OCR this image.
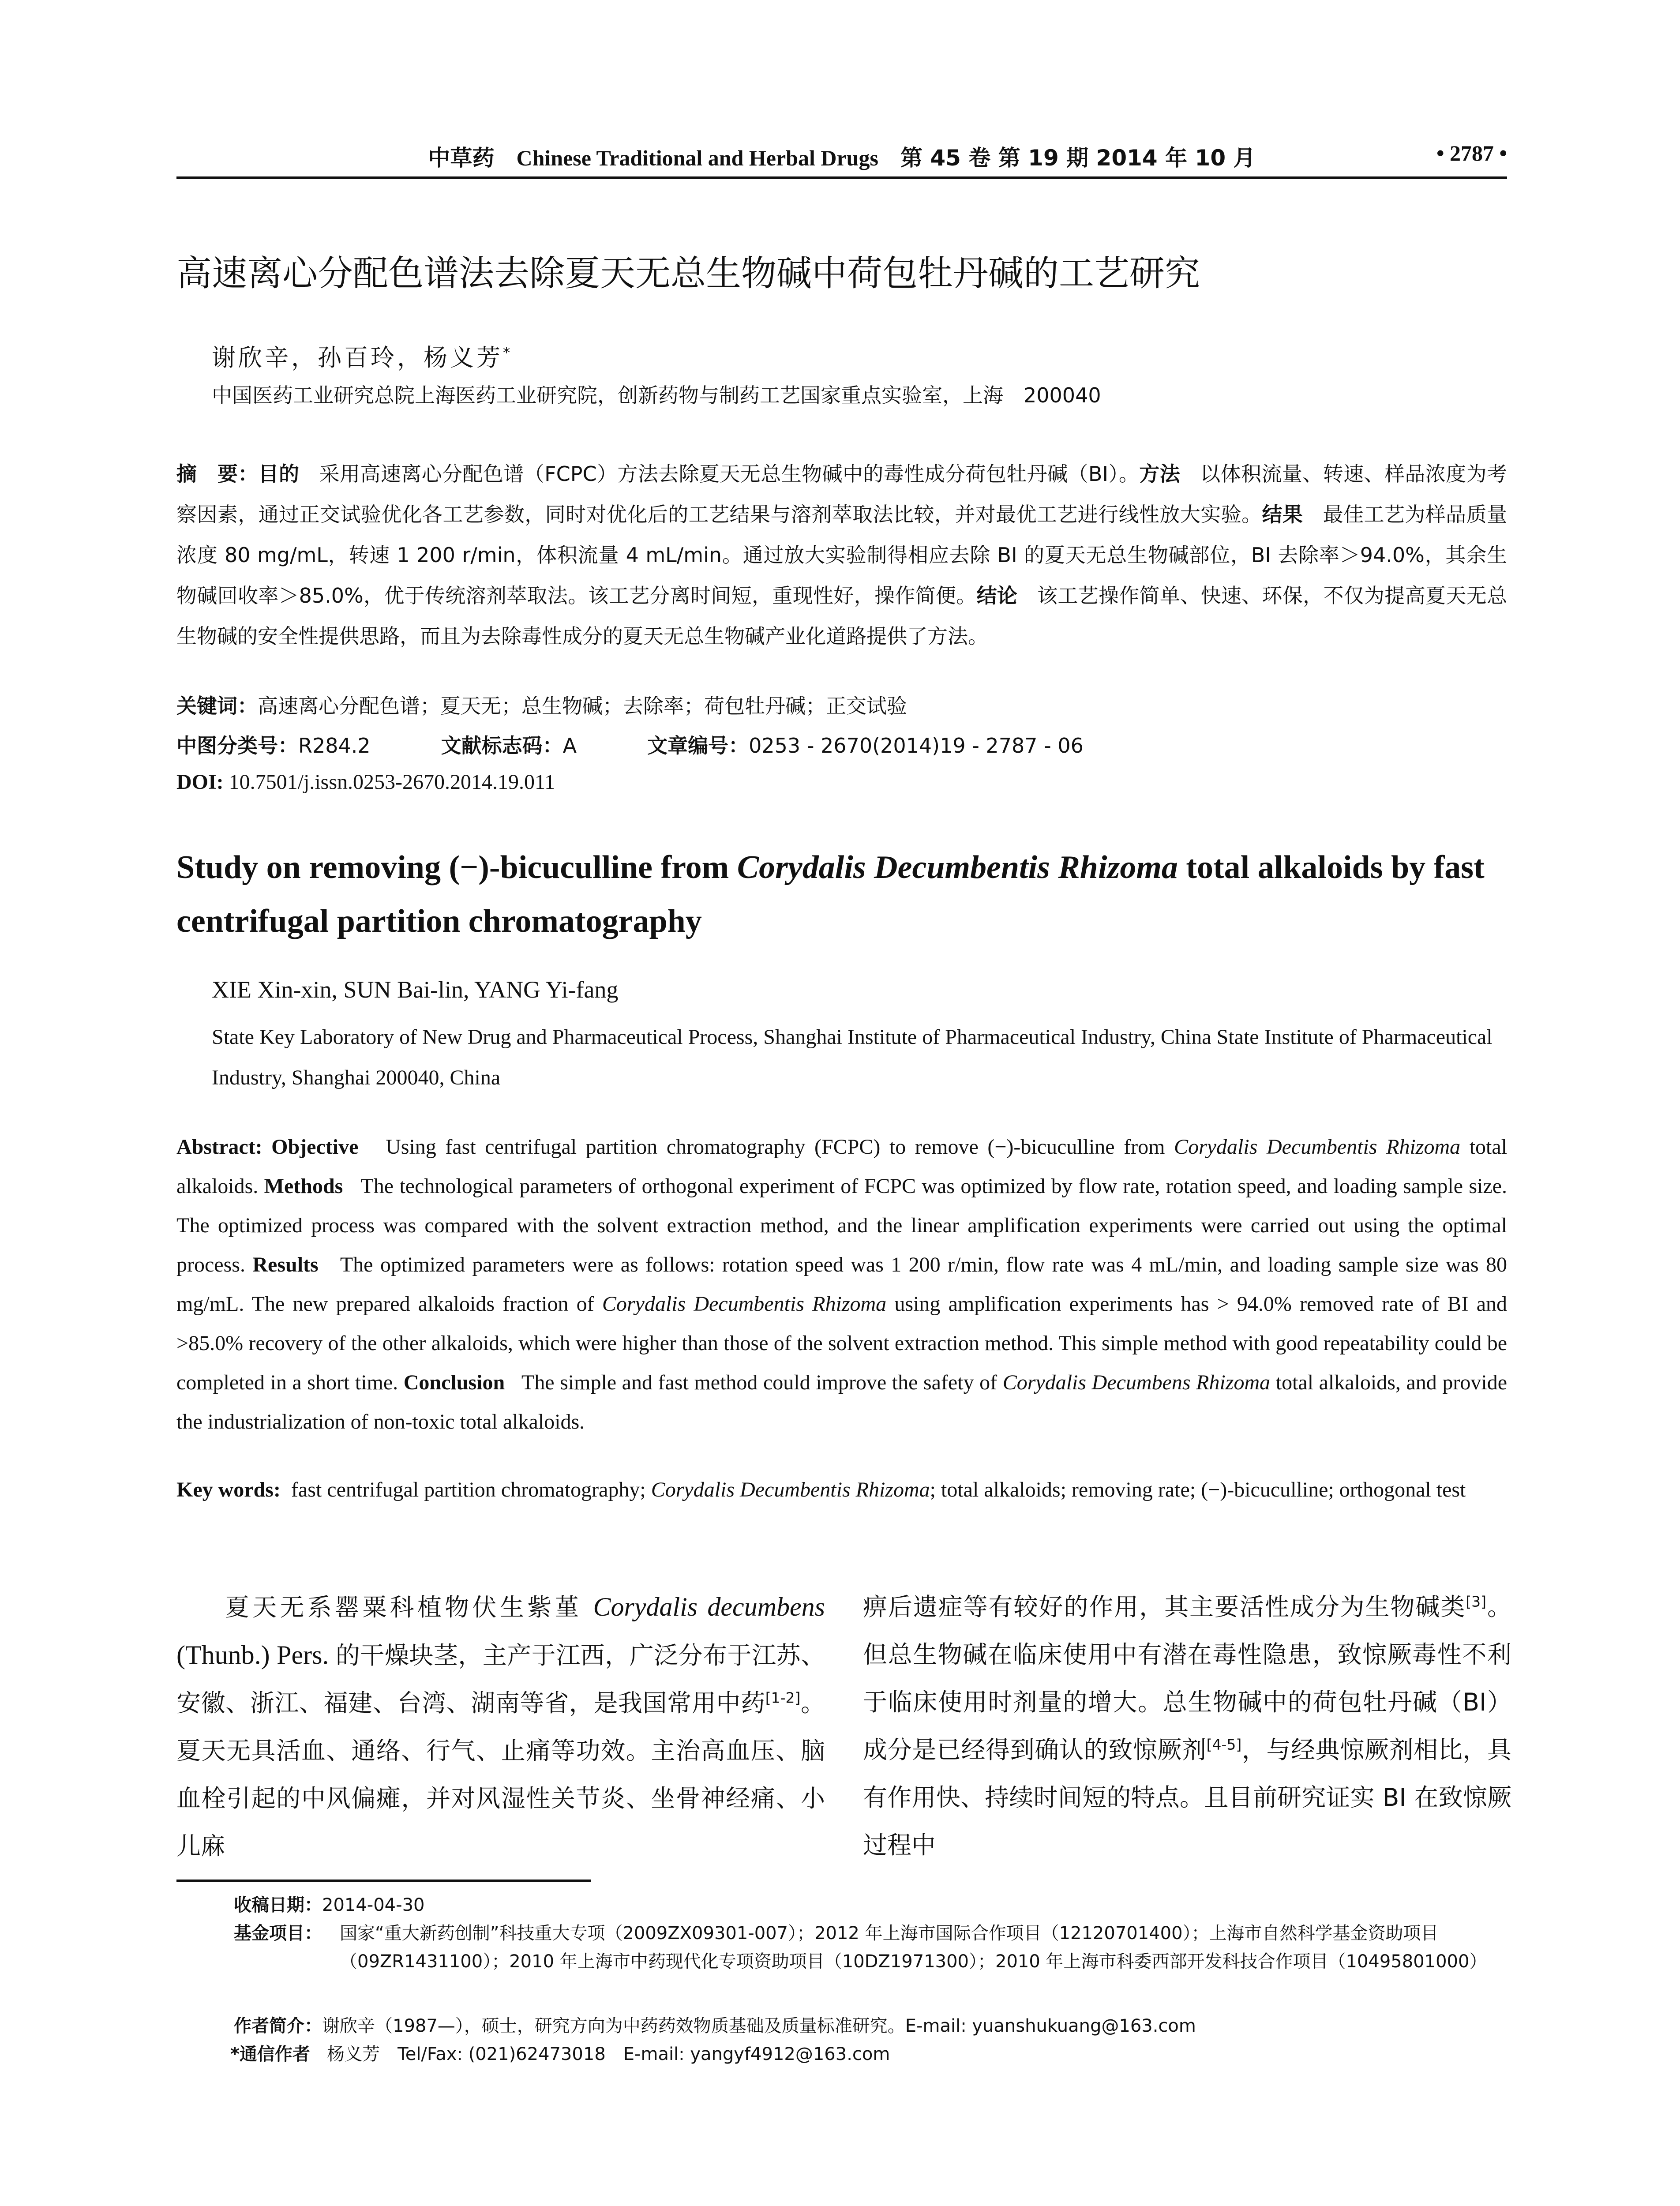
中草药 Chinese Traditional and Herbal Drugs 第 45 卷 第 19 期 2014 年 10 月	• 2787 •
高速离心分配色谱法去除夏天无总生物碱中荷包牡丹碱的工艺研究
谢欣辛，孙百玲，杨义芳*
中国医药工业研究总院上海医药工业研究院，创新药物与制药工艺国家重点实验室，上海　200040
摘　要：目的 采用高速离心分配色谱（FCPC）方法去除夏天无总生物碱中的毒性成分荷包牡丹碱（BI）。方法 以体积流量、转速、样品浓度为考察因素，通过正交试验优化各工艺参数，同时对优化后的工艺结果与溶剂萃取法比较，并对最优工艺进行线性放大实验。结果 最佳工艺为样品质量浓度 80 mg/mL，转速 1 200 r/min，体积流量 4 mL/min。通过放大实验制得相应去除 BI 的夏天无总生物碱部位，BI 去除率＞94.0%，其余生物碱回收率＞85.0%，优于传统溶剂萃取法。该工艺分离时间短，重现性好，操作简便。结论 该工艺操作简单、快速、环保，不仅为提高夏天无总生物碱的安全性提供思路，而且为去除毒性成分的夏天无总生物碱产业化道路提供了方法。
关键词：高速离心分配色谱；夏天无；总生物碱；去除率；荷包牡丹碱；正交试验
中图分类号：R284.2	文献标志码：A	文章编号：0253 - 2670(2014)19 - 2787 - 06
DOI: 10.7501/j.issn.0253-2670.2014.19.011
Study on removing (−)-bicuculline from Corydalis Decumbentis Rhizoma total alkaloids by fast centrifugal partition chromatography
XIE Xin-xin, SUN Bai-lin, YANG Yi-fang
State Key Laboratory of New Drug and Pharmaceutical Process, Shanghai Institute of Pharmaceutical Industry, China State Institute of Pharmaceutical Industry, Shanghai 200040, China
Abstract: Objective Using fast centrifugal partition chromatography (FCPC) to remove (−)-bicuculline from Corydalis Decumbentis Rhizoma total alkaloids. Methods The technological parameters of orthogonal experiment of FCPC was optimized by flow rate, rotation speed, and loading sample size. The optimized process was compared with the solvent extraction method, and the linear amplification experiments were carried out using the optimal process. Results The optimized parameters were as follows: rotation speed was 1 200 r/min, flow rate was 4 mL/min, and loading sample size was 80 mg/mL. The new prepared alkaloids fraction of Corydalis Decumbentis Rhizoma using amplification experiments has > 94.0% removed rate of BI and >85.0% recovery of the other alkaloids, which were higher than those of the solvent extraction method. This simple method with good repeatability could be completed in a short time. Conclusion The simple and fast method could improve the safety of Corydalis Decumbens Rhizoma total alkaloids, and provide the industrialization of non-toxic total alkaloids.
Key words: fast centrifugal partition chromatography; Corydalis Decumbentis Rhizoma; total alkaloids; removing rate; (−)-bicuculline; orthogonal test
夏天无系罂粟科植物伏生紫堇 Corydalis decumbens (Thunb.) Pers. 的干燥块茎，主产于江西，广泛分布于江苏、安徽、浙江、福建、台湾、湖南等省，是我国常用中药[1-2]。夏天无具活血、通络、行气、止痛等功效。主治高血压、脑血栓引起的中风偏瘫，并对风湿性关节炎、坐骨神经痛、小儿麻
痹后遗症等有较好的作用，其主要活性成分为生物碱类[3]。但总生物碱在临床使用中有潜在毒性隐患，致惊厥毒性不利于临床使用时剂量的增大。总生物碱中的荷包牡丹碱（BI）成分是已经得到确认的致惊厥剂[4-5]，与经典惊厥剂相比，具有作用快、持续时间短的特点。且目前研究证实 BI 在致惊厥过程中
收稿日期：2014-04-30
基金项目： 国家“重大新药创制”科技重大专项（2009ZX09301-007）；2012 年上海市国际合作项目（12120701400）；上海市自然科学基金资助项目（09ZR1431100）；2010 年上海市中药现代化专项资助项目（10DZ1971300）；2010 年上海市科委西部开发科技合作项目（10495801000）
作者简介：谢欣辛（1987—），硕士，研究方向为中药药效物质基础及质量标准研究。E-mail: yuanshukuang@163.com
*通信作者 杨义芳　Tel/Fax: (021)62473018　E-mail: yangyf4912@163.com
